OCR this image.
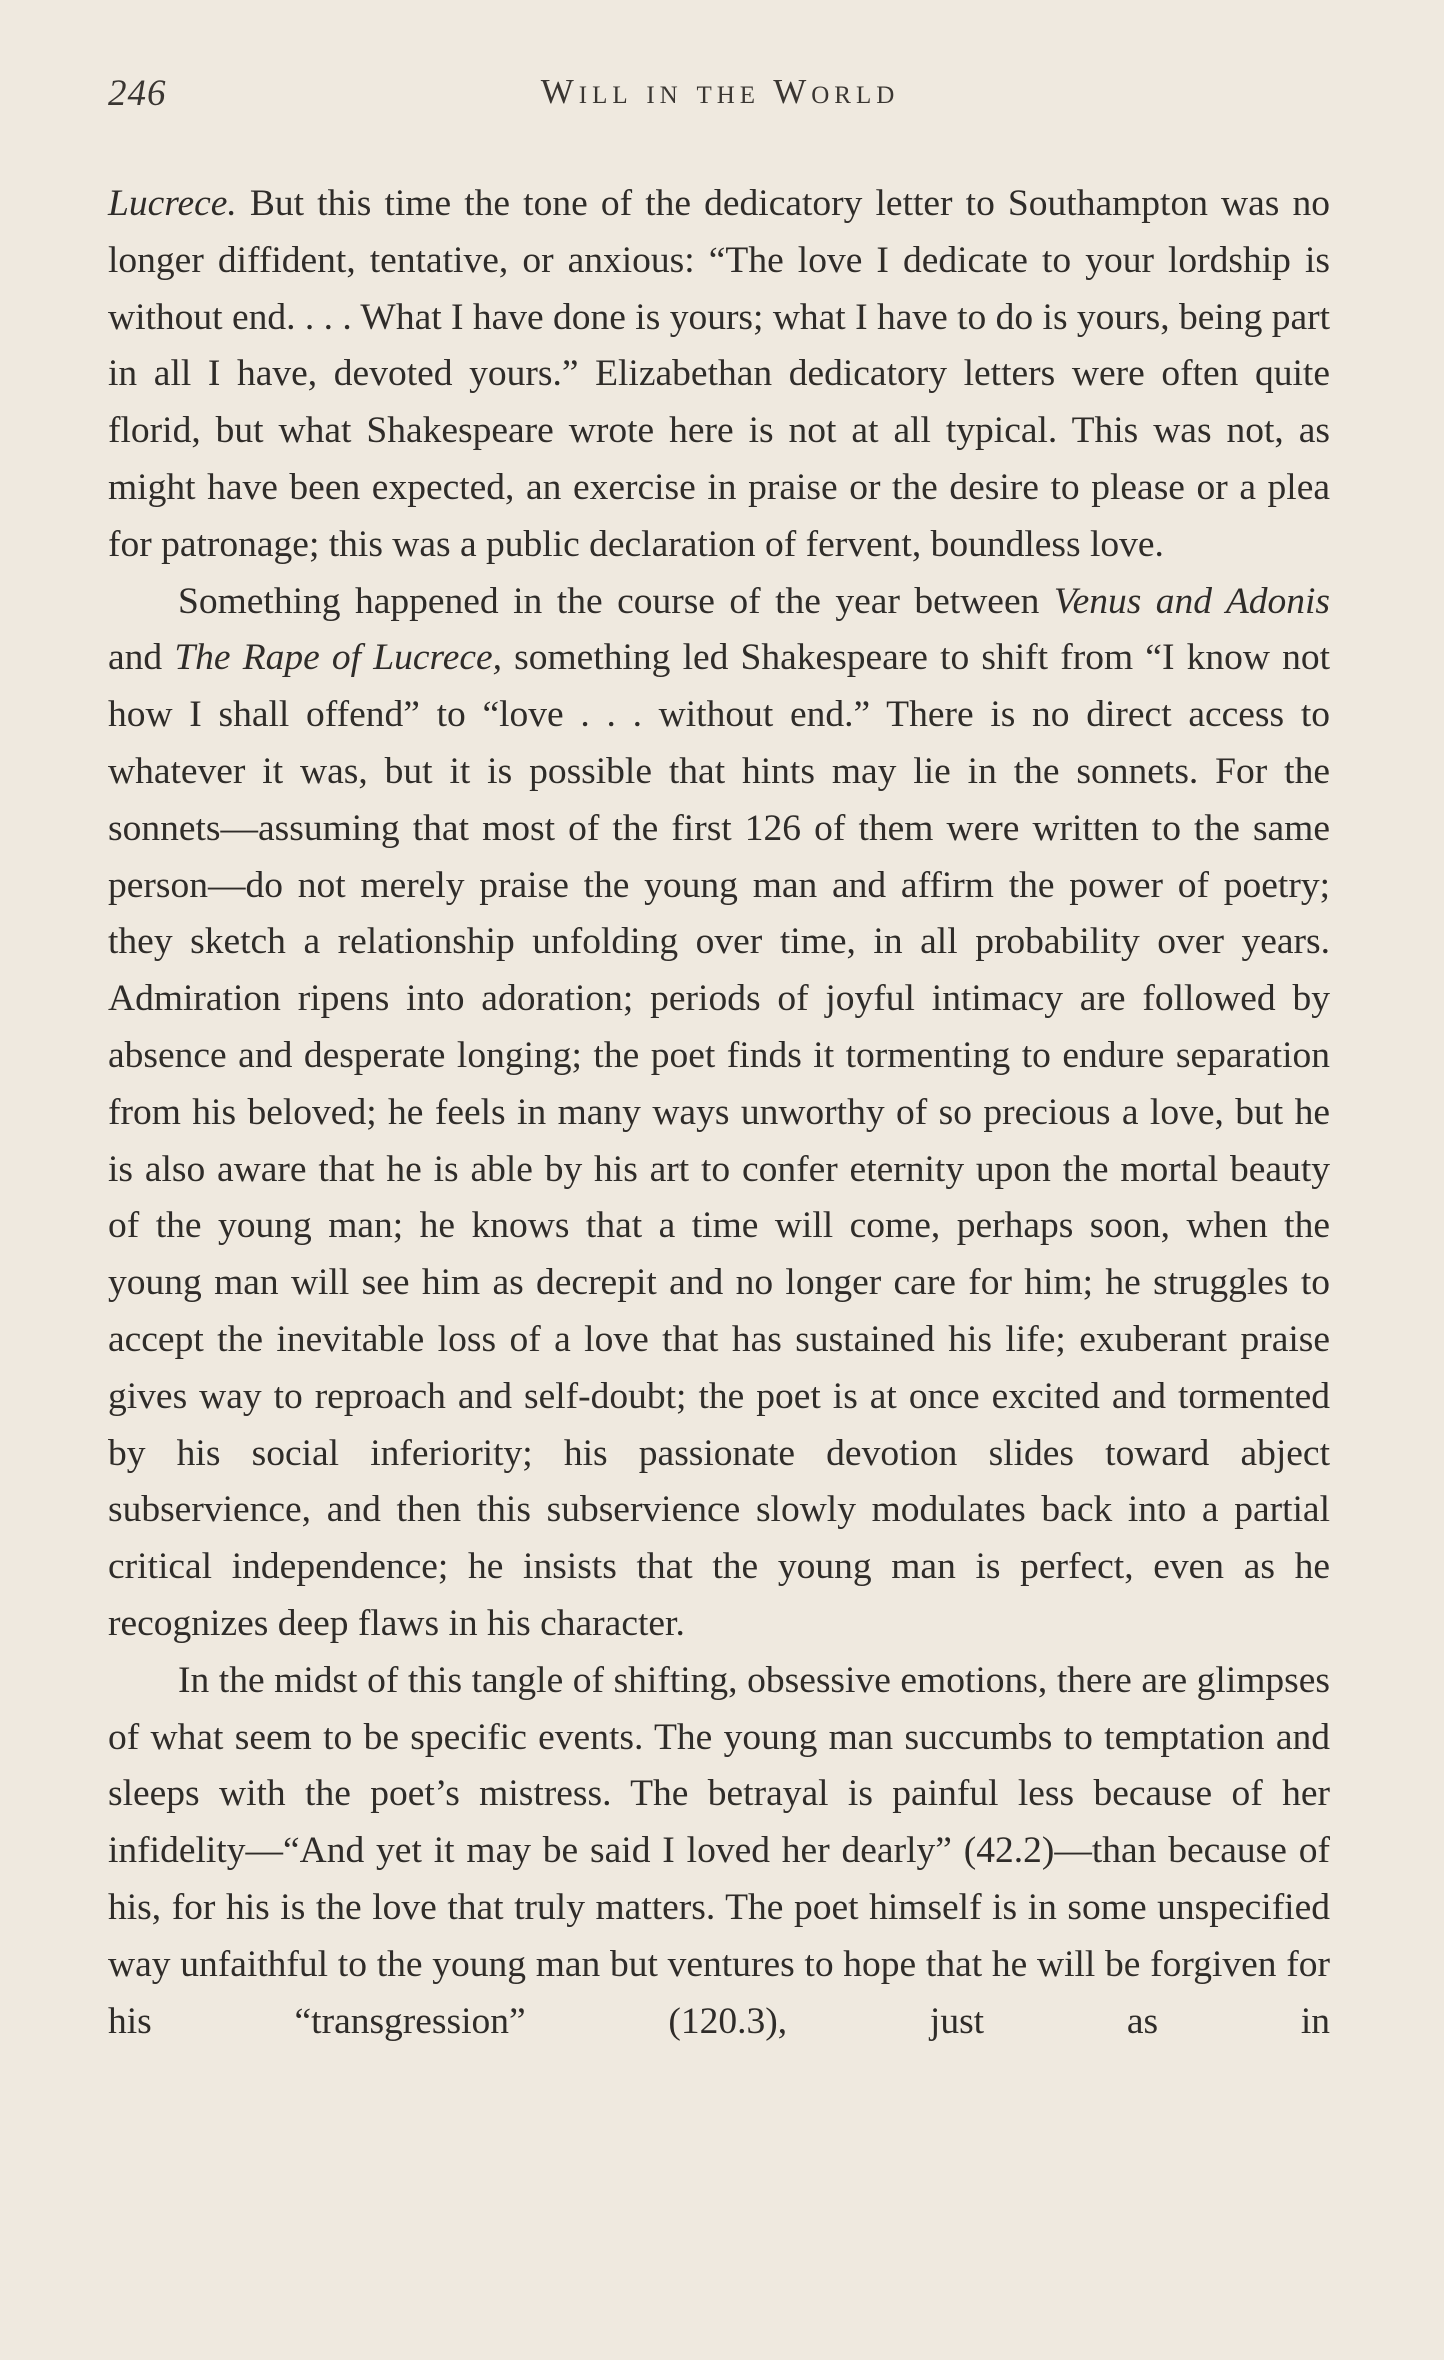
246	Will in the World

Lucrece. But this time the tone of the dedicatory letter to Southampton was no longer diffident, tentative, or anxious: “The love I dedicate to your lordship is without end. . . . What I have done is yours; what I have to do is yours, being part in all I have, devoted yours.” Elizabethan dedicatory letters were often quite florid, but what Shakespeare wrote here is not at all typical. This was not, as might have been expected, an exercise in praise or the desire to please or a plea for patronage; this was a public declaration of fervent, boundless love.

Something happened in the course of the year between Venus and Adonis and The Rape of Lucrece, something led Shakespeare to shift from “I know not how I shall offend” to “love . . . without end.” There is no direct access to whatever it was, but it is possible that hints may lie in the sonnets. For the sonnets—assuming that most of the first 126 of them were written to the same person—do not merely praise the young man and affirm the power of poetry; they sketch a relationship unfolding over time, in all probability over years. Admiration ripens into adoration; periods of joyful intimacy are followed by absence and desperate longing; the poet finds it tormenting to endure separation from his beloved; he feels in many ways unworthy of so precious a love, but he is also aware that he is able by his art to confer eternity upon the mortal beauty of the young man; he knows that a time will come, perhaps soon, when the young man will see him as decrepit and no longer care for him; he struggles to accept the inevitable loss of a love that has sustained his life; exuberant praise gives way to reproach and self-doubt; the poet is at once excited and tormented by his social inferiority; his passionate devotion slides toward abject subservience, and then this subservience slowly modulates back into a partial critical independence; he insists that the young man is perfect, even as he recognizes deep flaws in his character.

In the midst of this tangle of shifting, obsessive emotions, there are glimpses of what seem to be specific events. The young man succumbs to temptation and sleeps with the poet’s mistress. The betrayal is painful less because of her infidelity—“And yet it may be said I loved her dearly” (42.2)—than because of his, for his is the love that truly matters. The poet himself is in some unspecified way unfaithful to the young man but ventures to hope that he will be forgiven for his “transgression” (120.3), just as in
